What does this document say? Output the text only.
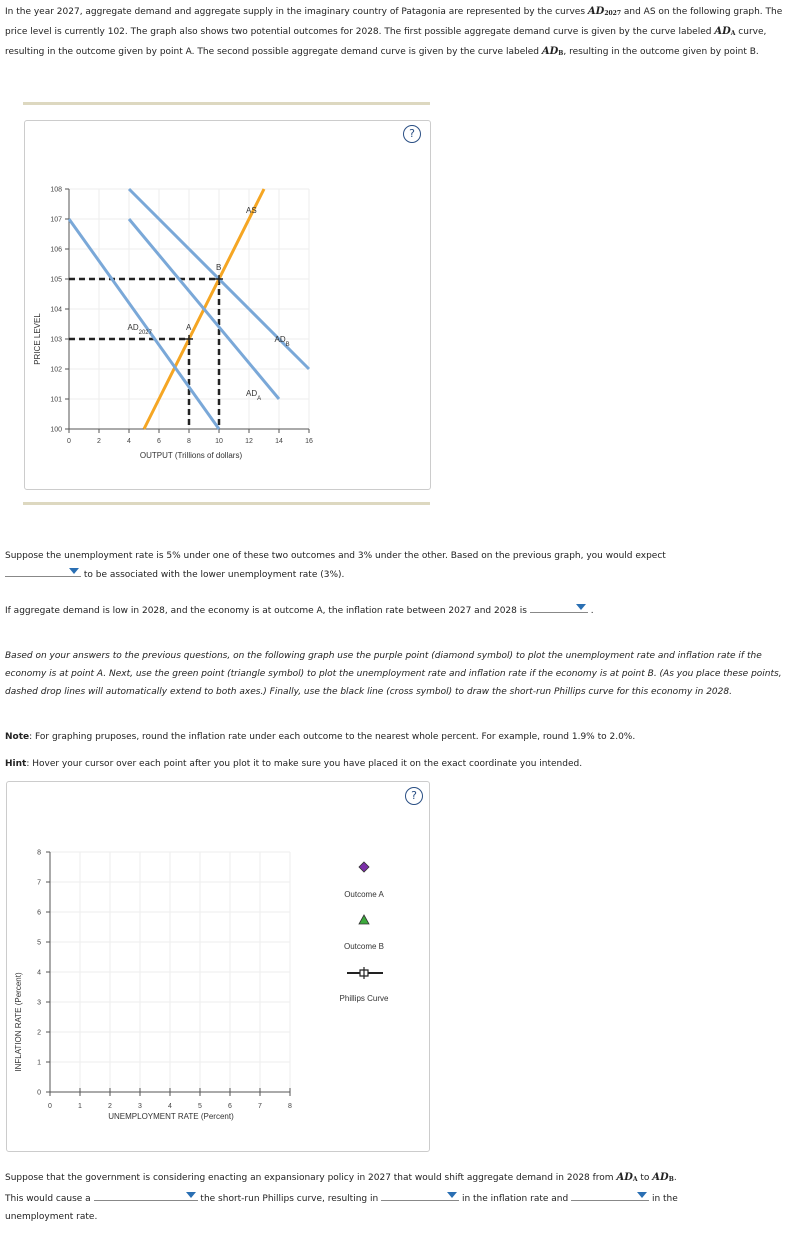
In the year 2027, aggregate demand and aggregate supply in the imaginary country of Patagonia are represented by the curves AD2027 and AS on the following graph. The price level is currently 102. The graph also shows two potential outcomes for 2028. The first possible aggregate demand curve is given by the curve labeled ADA curve, resulting in the outcome given by point A. The second possible aggregate demand curve is given by the curve labeled ADB, resulting in the outcome given by point B.
?
PRICE LEVEL
OUTPUT (Trillions of dollars)
100
101
102
103
104
105
106
107
108
0	2	4	6	8	10	12	14	16
AS
$AD_{2027}$
$AD_A$
$AD_B$
A
B
Suppose the unemployment rate is 5% under one of these two outcomes and 3% under the other. Based on the previous graph, you would expect

to be associated with the lower unemployment rate (3%).
If aggregate demand is low in 2028, and the economy is at outcome A, the inflation rate between 2027 and 2028 is	.
Based on your answers to the previous questions, on the following graph use the purple point (diamond symbol) to plot the unemployment rate and inflation rate if the economy is at point A. Next, use the green point (triangle symbol) to plot the unemployment rate and inflation rate if the economy is at point B. (As you place these points, dashed drop lines will automatically extend to both axes.) Finally, use the black line (cross symbol) to draw the short-run Phillips curve for this economy in 2028.
Note: For graphing pruposes, round the inflation rate under each outcome to the nearest whole percent. For example, round 1.9% to 2.0%.
Hint: Hover your cursor over each point after you plot it to make sure you have placed it on the exact coordinate you intended.
?
INFLATION RATE (Percent)
UNEMPLOYMENT RATE (Percent)
0
1
2
3
4
5
6
7
8
0	1	2	3	4	5	6	7	8
Outcome A
Outcome B
Phillips Curve
Suppose that the government is considering enacting an expansionary policy in 2027 that would shift aggregate demand in 2028 from ADA to ADB.
This would cause a	the short-run Phillips curve, resulting in	in the inflation rate and	in the
unemployment rate.
